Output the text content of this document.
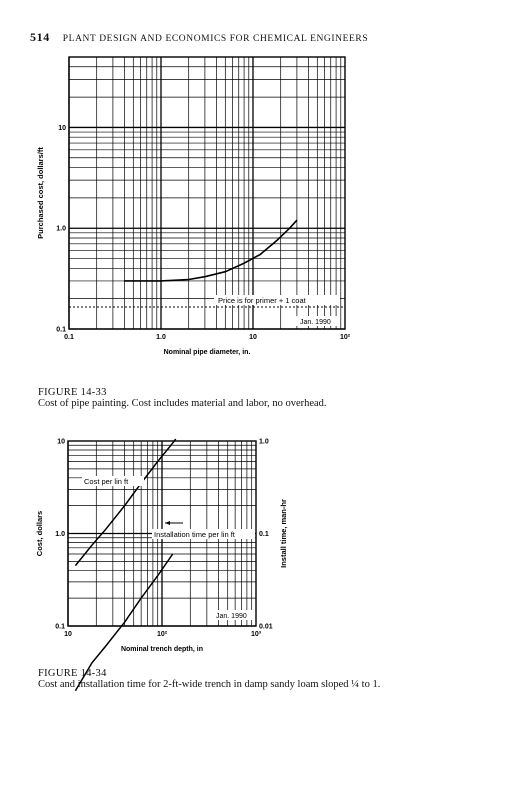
514 PLANT DESIGN AND ECONOMICS FOR CHEMICAL ENGINEERS
0.1	1.0	10	10²
0.1
1.0
10
Nominal pipe diameter, in.
Purchased cost, dollars/ft
Price is for primer + 1 coat
Jan. 1990
10	10²	10³
0.1
1.0
10
Nominal trench depth, in
Cost, dollars
0.01
0.1
1.0
Install time, man-hr
Cost per lin ft
Installation time per lin ft
Jan. 1990
FIGURE 14-33
Cost of pipe painting. Cost includes material and labor, no overhead.
FIGURE 14-34
Cost and installation time for 2-ft-wide trench in damp sandy loam sloped ¼ to 1.
